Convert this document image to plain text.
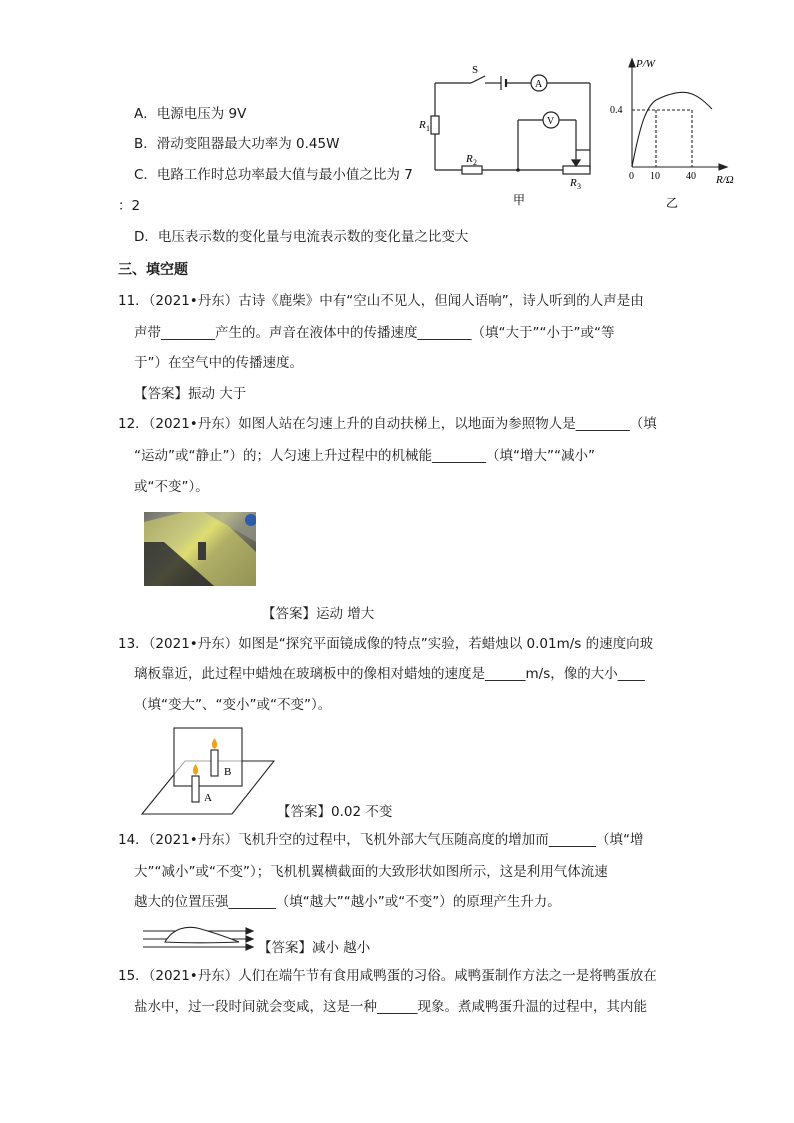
A．电源电压为 9V
B．滑动变阻器最大功率为 0.45W
C．电路工作时总功率最大值与最小值之比为 7
：2
D．电压表示数的变化量与电流表示数的变化量之比变大
S
A
V
R 1
R 2
R 3
甲
P/W
0.4
0 10	40 R/Ω
乙
三、填空题
11．（2021•丹东）古诗《鹿柴》中有“空山不见人，但闻人语响”，诗人听到的人声是由
声带________产生的。声音在液体中的传播速度________（填“大于”“小于”或“等
于”）在空气中的传播速度。
【答案】振动 大于
12．（2021•丹东）如图人站在匀速上升的自动扶梯上，以地面为参照物人是________（填
“运动”或“静止”）的；人匀速上升过程中的机械能________（填“增大”“减小”
或“不变”）。
【答案】运动 增大
13．（2021•丹东）如图是“探究平面镜成像的特点”实验，若蜡烛以 0.01m/s 的速度向玻
璃板靠近，此过程中蜡烛在玻璃板中的像相对蜡烛的速度是______m/s，像的大小____
（填“变大”、“变小”或“不变”）。
B
A
【答案】0.02 不变
14．（2021•丹东）飞机升空的过程中，飞机外部大气压随高度的增加而_______（填“增
大”“减小”或“不变”）；飞机机翼横截面的大致形状如图所示，这是利用气体流速
越大的位置压强_______（填“越大”“越小”或“不变”）的原理产生升力。
【答案】减小 越小
15．（2021•丹东）人们在端午节有食用咸鸭蛋的习俗。咸鸭蛋制作方法之一是将鸭蛋放在
盐水中，过一段时间就会变咸，这是一种______现象。煮咸鸭蛋升温的过程中，其内能
